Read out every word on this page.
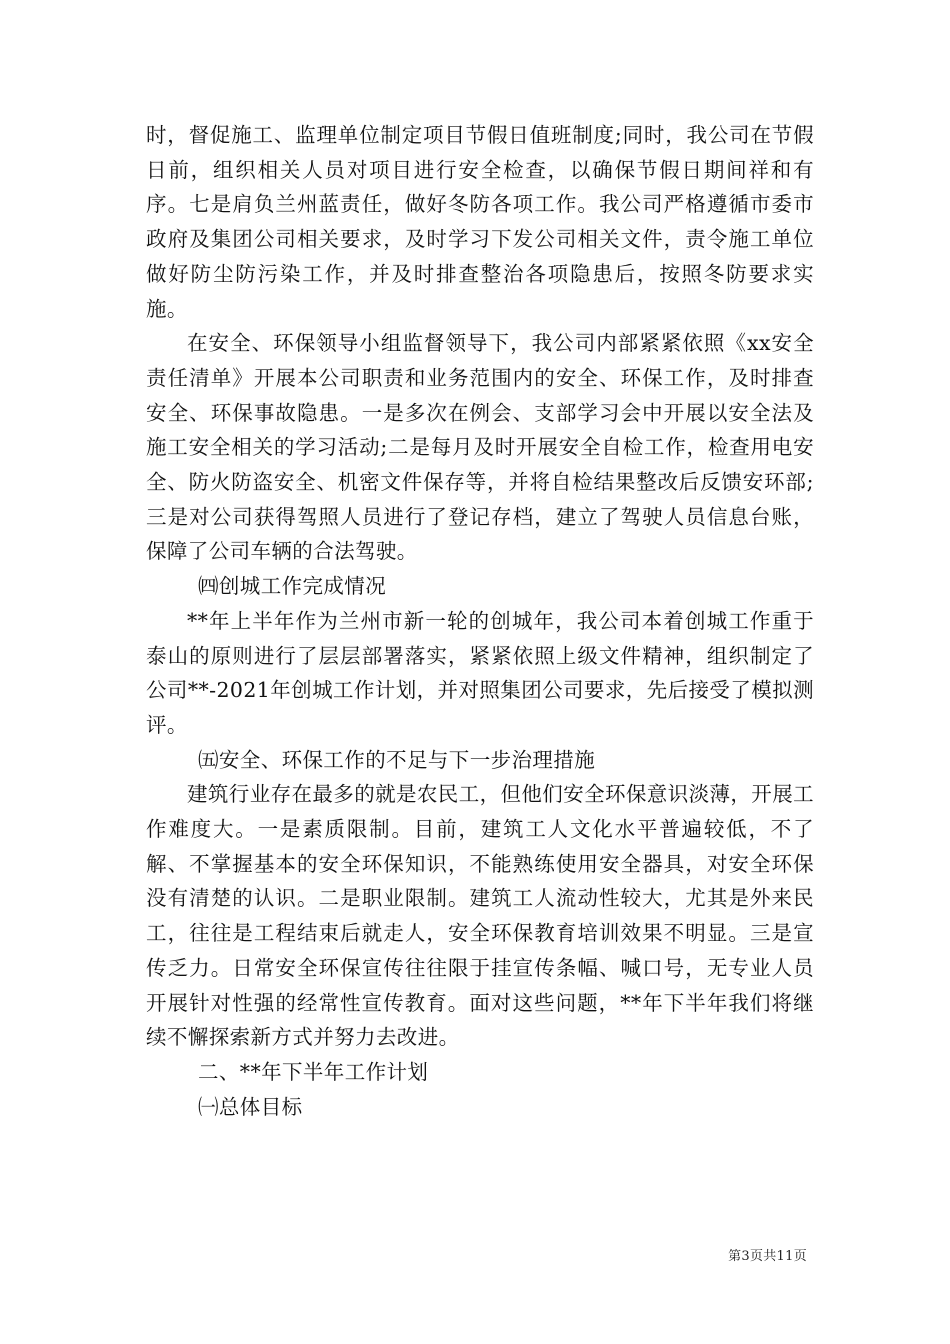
时，督促施工、监理单位制定项目节假日值班制度;同时，我公司在节假日前，组织相关人员对项目进行安全检查，以确保节假日期间祥和有序。七是肩负兰州蓝责任，做好冬防各项工作。我公司严格遵循市委市政府及集团公司相关要求，及时学习下发公司相关文件，责令施工单位做好防尘防污染工作，并及时排查整治各项隐患后，按照冬防要求实施。

在安全、环保领导小组监督领导下，我公司内部紧紧依照《xx安全责任清单》开展本公司职责和业务范围内的安全、环保工作，及时排查安全、环保事故隐患。一是多次在例会、支部学习会中开展以安全法及施工安全相关的学习活动;二是每月及时开展安全自检工作，检查用电安全、防火防盗安全、机密文件保存等，并将自检结果整改后反馈安环部;三是对公司获得驾照人员进行了登记存档，建立了驾驶人员信息台账，保障了公司车辆的合法驾驶。

㈣创城工作完成情况

**年上半年作为兰州市新一轮的创城年，我公司本着创城工作重于泰山的原则进行了层层部署落实，紧紧依照上级文件精神，组织制定了公司**-2021年创城工作计划，并对照集团公司要求，先后接受了模拟测评。

㈤安全、环保工作的不足与下一步治理措施

建筑行业存在最多的就是农民工，但他们安全环保意识淡薄，开展工作难度大。一是素质限制。目前，建筑工人文化水平普遍较低，不了解、不掌握基本的安全环保知识，不能熟练使用安全器具，对安全环保没有清楚的认识。二是职业限制。建筑工人流动性较大，尤其是外来民工，往往是工程结束后就走人，安全环保教育培训效果不明显。三是宣传乏力。日常安全环保宣传往往限于挂宣传条幅、喊口号，无专业人员开展针对性强的经常性宣传教育。面对这些问题，**年下半年我们将继续不懈探索新方式并努力去改进。

二、**年下半年工作计划

㈠总体目标

第3页共11页
